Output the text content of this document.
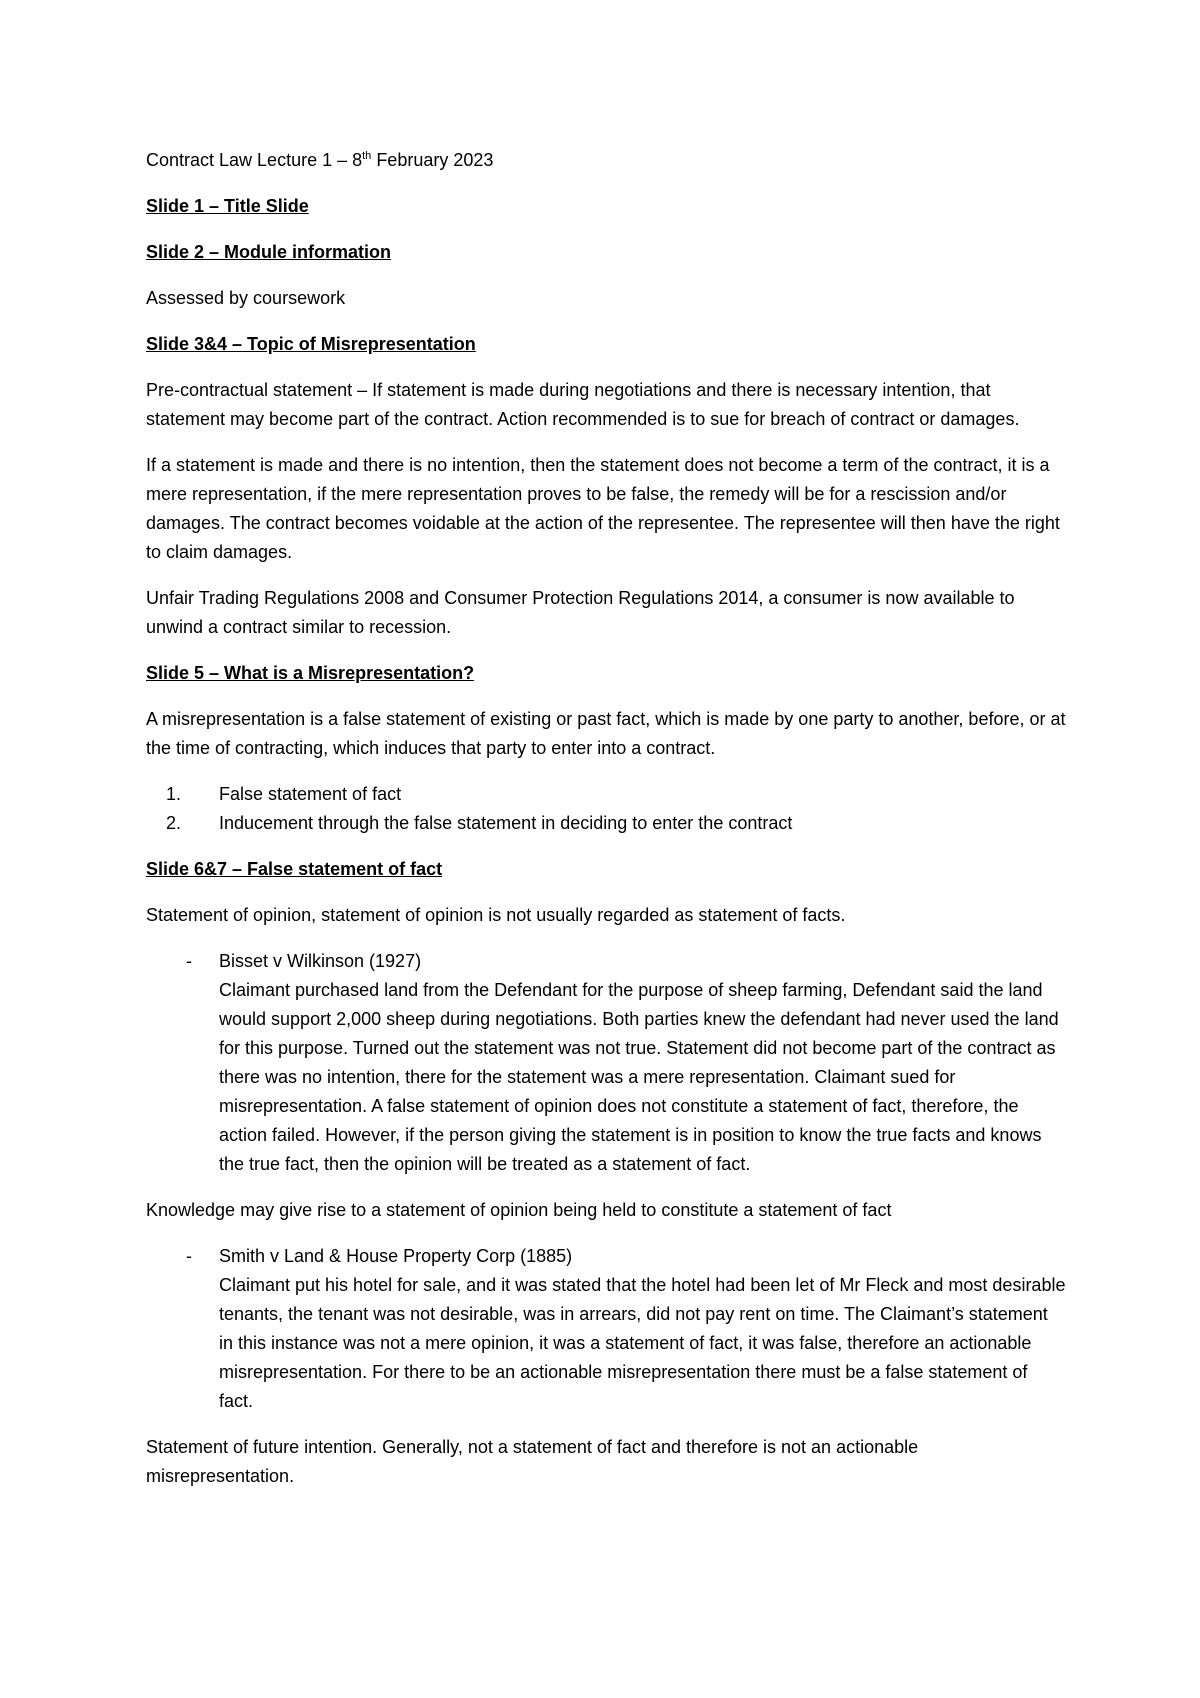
Contract Law Lecture 1 – 8th February 2023

Slide 1 – Title Slide

Slide 2 – Module information

Assessed by coursework

Slide 3&4 – Topic of Misrepresentation

Pre-contractual statement – If statement is made during negotiations and there is necessary intention, that statement may become part of the contract. Action recommended is to sue for breach of contract or damages.

If a statement is made and there is no intention, then the statement does not become a term of the contract, it is a mere representation, if the mere representation proves to be false, the remedy will be for a rescission and/or damages. The contract becomes voidable at the action of the representee. The representee will then have the right to claim damages.

Unfair Trading Regulations 2008 and Consumer Protection Regulations 2014, a consumer is now available to unwind a contract similar to recession.

Slide 5 – What is a Misrepresentation?

A misrepresentation is a false statement of existing or past fact, which is made by one party to another, before, or at the time of contracting, which induces that party to enter into a contract.

1. False statement of fact
2. Inducement through the false statement in deciding to enter the contract

Slide 6&7 – False statement of fact

Statement of opinion, statement of opinion is not usually regarded as statement of facts.

- Bisset v Wilkinson (1927)
Claimant purchased land from the Defendant for the purpose of sheep farming, Defendant said the land would support 2,000 sheep during negotiations. Both parties knew the defendant had never used the land for this purpose. Turned out the statement was not true. Statement did not become part of the contract as there was no intention, there for the statement was a mere representation. Claimant sued for misrepresentation. A false statement of opinion does not constitute a statement of fact, therefore, the action failed. However, if the person giving the statement is in position to know the true facts and knows the true fact, then the opinion will be treated as a statement of fact.

Knowledge may give rise to a statement of opinion being held to constitute a statement of fact

- Smith v Land & House Property Corp (1885)
Claimant put his hotel for sale, and it was stated that the hotel had been let of Mr Fleck and most desirable tenants, the tenant was not desirable, was in arrears, did not pay rent on time. The Claimant’s statement in this instance was not a mere opinion, it was a statement of fact, it was false, therefore an actionable misrepresentation. For there to be an actionable misrepresentation there must be a false statement of fact.

Statement of future intention. Generally, not a statement of fact and therefore is not an actionable misrepresentation.
